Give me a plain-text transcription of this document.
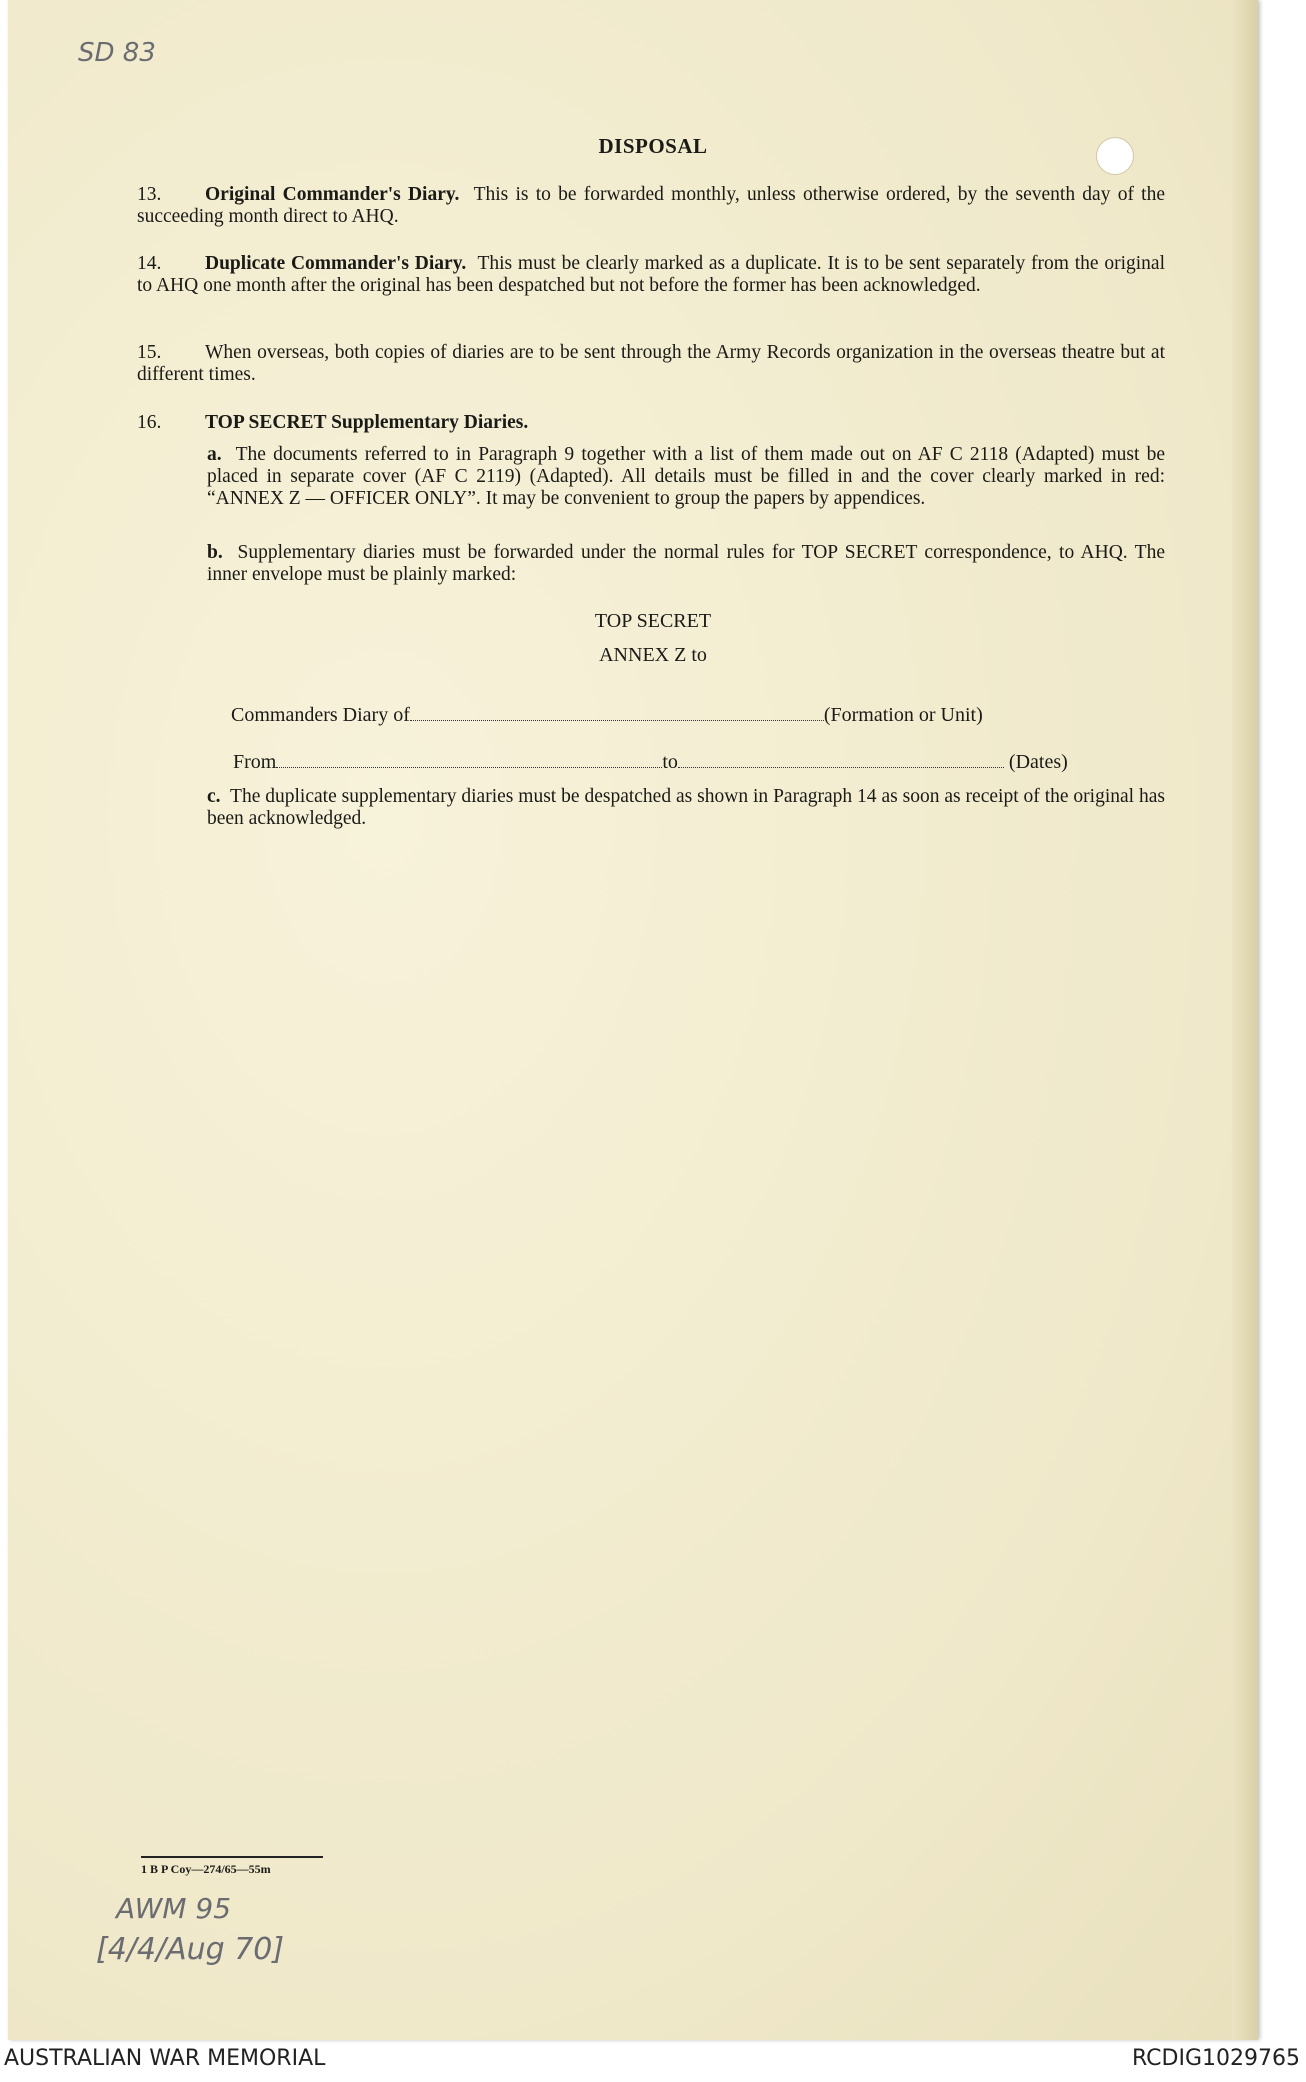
SD 83
DISPOSAL
13. Original Commander's Diary. This is to be forwarded monthly, unless otherwise ordered, by the seventh day of the succeeding month direct to AHQ.
14. Duplicate Commander's Diary. This must be clearly marked as a duplicate. It is to be sent separately from the original to AHQ one month after the original has been despatched but not before the former has been acknowledged.
15. When overseas, both copies of diaries are to be sent through the Army Records organization in the overseas theatre but at different times.
16. TOP SECRET Supplementary Diaries.
a. The documents referred to in Paragraph 9 together with a list of them made out on AF C 2118 (Adapted) must be placed in separate cover (AF C 2119) (Adapted). All details must be filled in and the cover clearly marked in red: “ANNEX Z — OFFICER ONLY”. It may be convenient to group the papers by appendices.
b. Supplementary diaries must be forwarded under the normal rules for TOP SECRET correspondence, to AHQ. The inner envelope must be plainly marked:
TOP SECRET
ANNEX Z to
Commanders Diary of	(Formation or Unit)
From	to	(Dates)
c. The duplicate supplementary diaries must be despatched as shown in Paragraph 14 as soon as receipt of the original has been acknowledged.
1 B P Coy—274/65—55m
AWM 95
[4/4/Aug 70]
AUSTRALIAN WAR MEMORIAL	RCDIG1029765
